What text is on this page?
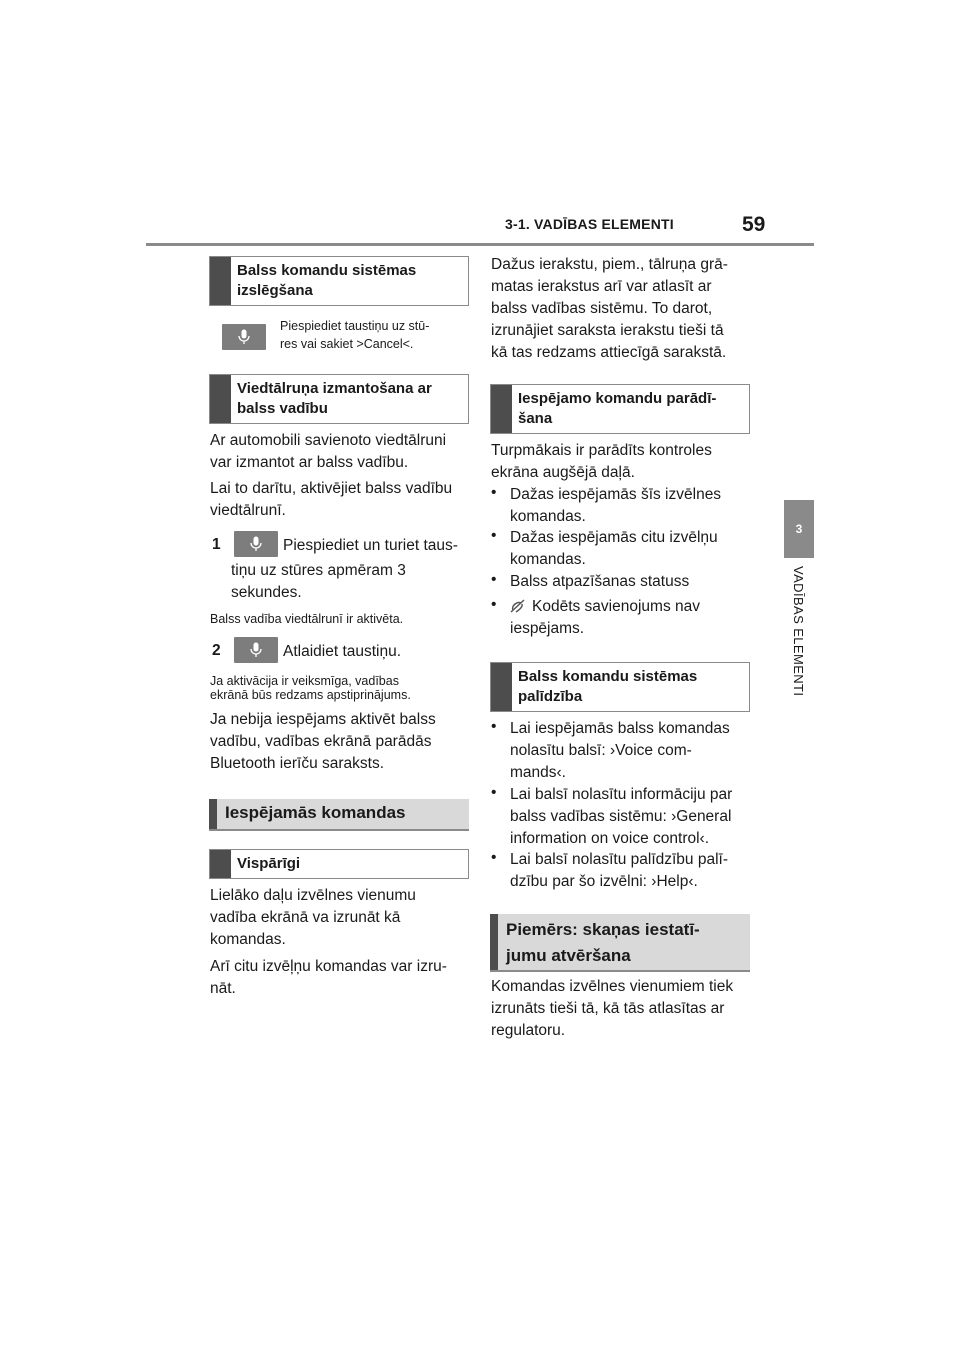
3-1. VADĪBAS ELEMENTI	59
3
VADĪBAS ELEMENTI
Balss komandu sistēmas
izslēgšana
Piespiediet taustiņu uz stū-
res vai sakiet >Cancel<.
Viedtālruņa izmantošana ar
balss vadību
Ar automobili savienoto viedtālruni
var izmantot ar balss vadību.
Lai to darītu, aktivējiet balss vadību
viedtālrunī.
1	Piespiediet un turiet taus-
tiņu uz stūres apmēram 3
sekundes.
Balss vadība viedtālrunī ir aktivēta.
2	Atlaidiet taustiņu.
Ja aktivācija ir veiksmīga, vadības
ekrānā būs redzams apstiprinājums.
Ja nebija iespējams aktivēt balss
vadību, vadības ekrānā parādās
Bluetooth ierīču saraksts.
Iespējamās komandas
Vispārīgi
Lielāko daļu izvēlnes vienumu
vadība ekrānā va izrunāt kā
komandas.
Arī citu izvēļņu komandas var izru-
nāt.
Dažus ierakstu, piem., tālruņa grā-
matas ierakstus arī var atlasīt ar
balss vadības sistēmu. To darot,
izrunājiet saraksta ierakstu tieši tā
kā tas redzams attiecīgā sarakstā.
Iespējamo komandu parādī-
šana
Turpmākais ir parādīts kontroles
ekrāna augšējā daļā.
• Dažas iespējamās šīs izvēlnes
komandas.
• Dažas iespējamās citu izvēlņu
komandas.
• Balss atpazīšanas statuss
• Kodēts savienojums nav
iespējams.
Balss komandu sistēmas
palīdzība
• Lai iespējamās balss komandas
nolasītu balsī: ›Voice com-
mands‹.
• Lai balsī nolasītu informāciju par
balss vadības sistēmu: ›General
information on voice control‹.
• Lai balsī nolasītu palīdzību palī-
dzību par šo izvēlni: ›Help‹.
Piemērs: skaņas iestatī-
jumu atvēršana
Komandas izvēlnes vienumiem tiek
izrunāts tieši tā, kā tās atlasītas ar
regulatoru.
